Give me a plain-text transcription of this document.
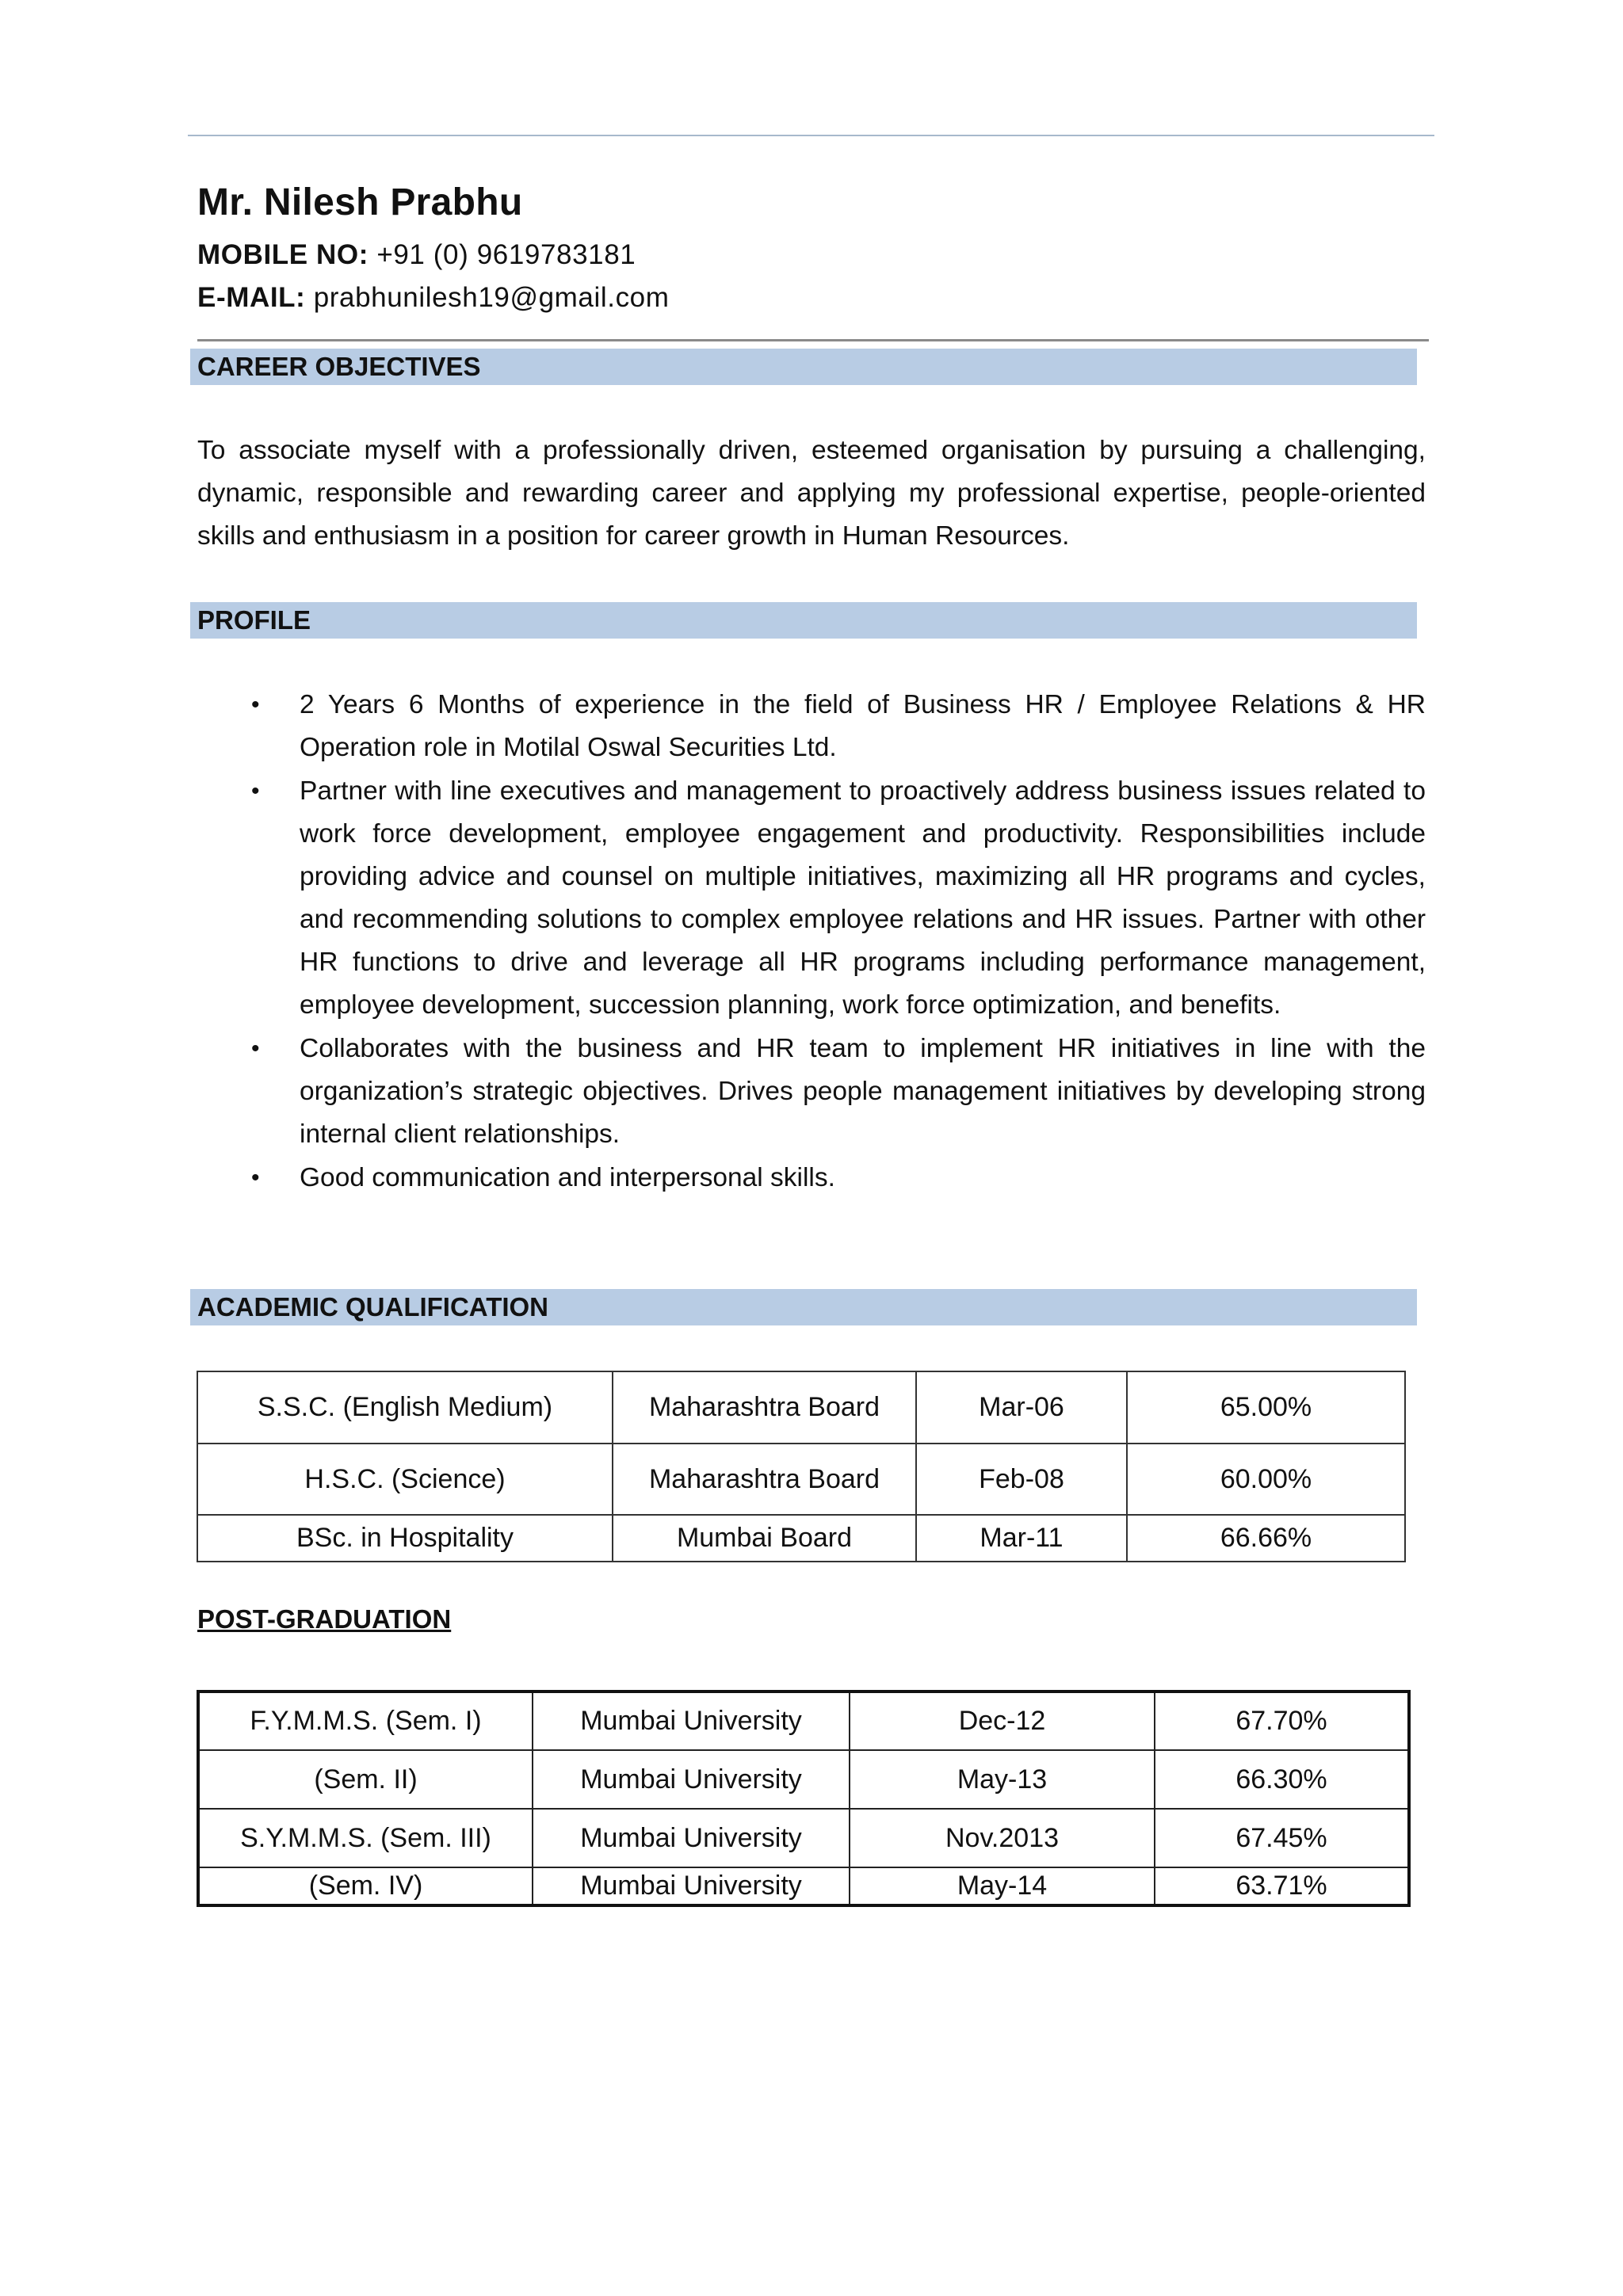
Mr. Nilesh Prabhu
MOBILE NO: +91 (0) 9619783181
E-MAIL: prabhunilesh19@gmail.com
CAREER OBJECTIVES
To associate myself with a professionally driven, esteemed organisation by pursuing a challenging, dynamic, responsible and rewarding career and applying my professional expertise, people-oriented skills and enthusiasm in a position for career growth in Human Resources.
PROFILE
• 2 Years 6 Months of experience in the field of Business HR / Employee Relations & HR Operation role in Motilal Oswal Securities Ltd.
• Partner with line executives and management to proactively address business issues related to work force development, employee engagement and productivity. Responsibilities include providing advice and counsel on multiple initiatives, maximizing all HR programs and cycles, and recommending solutions to complex employee relations and HR issues. Partner with other HR functions to drive and leverage all HR programs including performance management, employee development, succession planning, work force optimization, and benefits.
• Collaborates with the business and HR team to implement HR initiatives in line with the organization’s strategic objectives. Drives people management initiatives by developing strong internal client relationships.
• Good communication and interpersonal skills.
ACADEMIC QUALIFICATION
S.S.C. (English Medium)	Maharashtra Board	Mar-06	65.00%
H.S.C. (Science)	Maharashtra Board	Feb-08	60.00%
BSc. in Hospitality	Mumbai Board	Mar-11	66.66%
POST-GRADUATION
F.Y.M.M.S. (Sem. I)	Mumbai University	Dec-12	67.70%
(Sem. II)	Mumbai University	May-13	66.30%
S.Y.M.M.S. (Sem. III)	Mumbai University	Nov.2013	67.45%
(Sem. IV)	Mumbai University	May-14	63.71%
